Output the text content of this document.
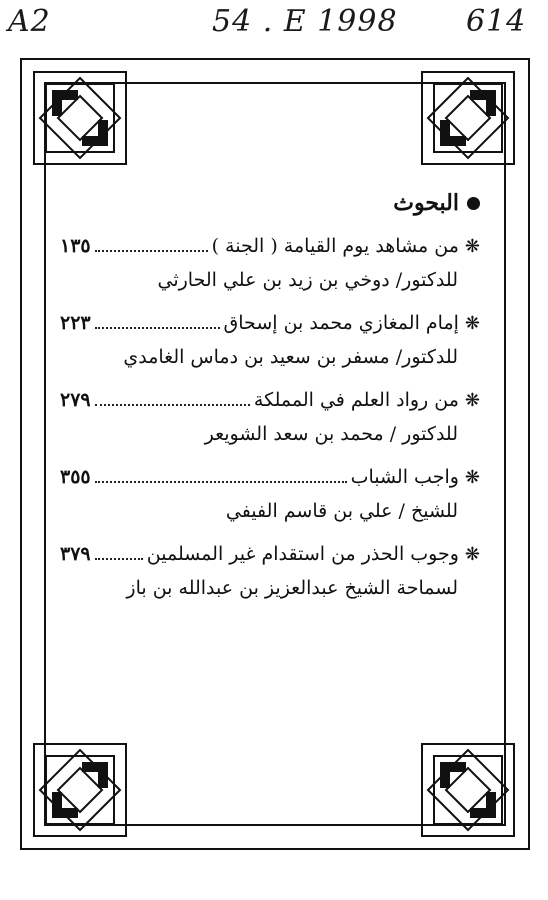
A2	54 . E 1998 614
البحوث
❋
من مشاهد يوم القيامة ( الجنة )
١٣٥
للدكتور/ دوخي بن زيد بن علي الحارثي
❋
إمام المغازي محمد بن إسحاق
٢٢٣
للدكتور/ مسفر بن سعيد بن دماس الغامدي
❋
من رواد العلم في المملكة
٢٧٩
للدكتور / محمد بن سعد الشويعر
❋
واجب الشباب
٣٥٥
للشيخ / علي بن قاسم الفيفي
❋
وجوب الحذر من استقدام غير المسلمين
٣٧٩
لسماحة الشيخ عبدالعزيز بن عبدالله بن باز
